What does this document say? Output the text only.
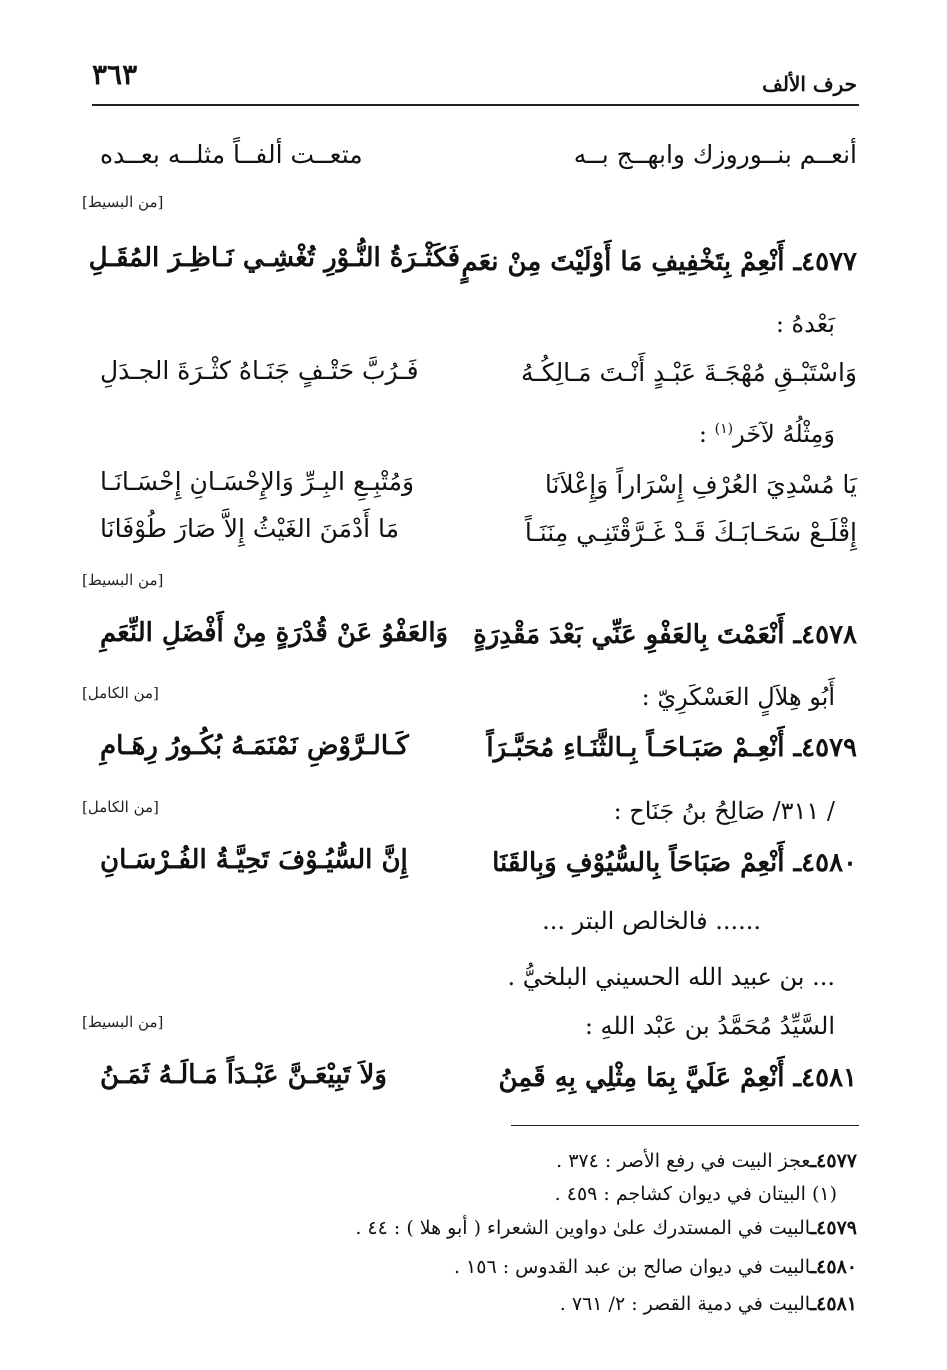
حرف الألف
٣٦٣
أنعــم بنــوروزك وابهــج بــه
متعــت ألفــاً مثلــه بعــده
[من البسيط]
٤٥٧٧ـ أَنْعِمْ بِتَخْفِيفِ مَا أَوْلَيْتَ مِنْ نعَمٍ
فَكَثْـرَةُ النُّـوْرِ تُغْشِـي نَـاظِـرَ المُقَـلِ
بَعْدهُ :
وَاسْتَبْـقِ مُهْجَـةَ عَبْـدٍ أَنْـتَ مَـالِكُـهُ
فَـرُبَّ حَتْـفٍ جَنَـاهُ كثْـرَةَ الجـدَلِ
وَمِثْلُهُ لآخَر$^{(١)}$ :
يَا مُسْدِيَ العُرْفِ إِسْرَاراً وَإِعْلاَنَا
وَمُتْبِـعِ البِـرِّ وَالإِحْسَـانِ إِحْسَـانَـا
إِقْلَـعْ سَحَـابَـكَ قَـدْ غَـرَّقْتَنِـي مِنَنَـاً
مَا أَدْمَنَ الغَيْثُ إِلاَّ صَارَ طُوْفَانَا
[من البسيط]
٤٥٧٨ـ أَنْعَمْتَ بِالعَفْوِ عَنِّي بَعْدَ مَقْدِرَةٍ
وَالعَفْوُ عَنْ قُدْرَةٍ مِنْ أَفْضَلِ النِّعَمِ
أَبُو هِلاَلٍ العَسْكَرِيّ :
[من الكامل]
٤٥٧٩ـ أَنْعِـمْ صَبَـاحَـاً بِـالثَّنَـاءِ مُحَبَّـرَاً
كَـالـرَّوْضِ نَمْنَمَـهُ بُكُـورُ رِهَـامِ
/ ٣١١/ صَالِحُ بنُ جَنَاح :
[من الكامل]
٤٥٨٠ـ أَنْعِمْ صَبَاحَاً بِالسُّيُوْفِ وَبِالقَنَا
إِنَّ السُّيُـوْفَ تَحِيَّـةُ الفُـرْسَـانِ
...... فالخالص البتر ...
... بن عبيد الله الحسيني البلخيُّ .
السَّيِّدُ مُحَمَّدُ بن عَبْد اللهِ :
[من البسيط]
٤٥٨١ـ أَنْعِمْ عَلَيَّ بِمَا مِثْلِي بِهِ قَمِنُ
وَلاَ تَبِيْعَـنَّ عَبْـدَاً مَـالَـهُ ثَمَـنُ
٤٥٧٧ـعجز البيت في رفع الأصر : ٣٧٤ .
(١) البيتان في ديوان كشاجم : ٤٥٩ .
٤٥٧٩ـالبيت في المستدرك علىٰ دواوين الشعراء ( أبو هلا ) : ٤٤ .
٤٥٨٠ـالبيت في ديوان صالح بن عبد القدوس : ١٥٦ .
٤٥٨١ـالبيت في دمية القصر : ٢/ ٧٦١ .
